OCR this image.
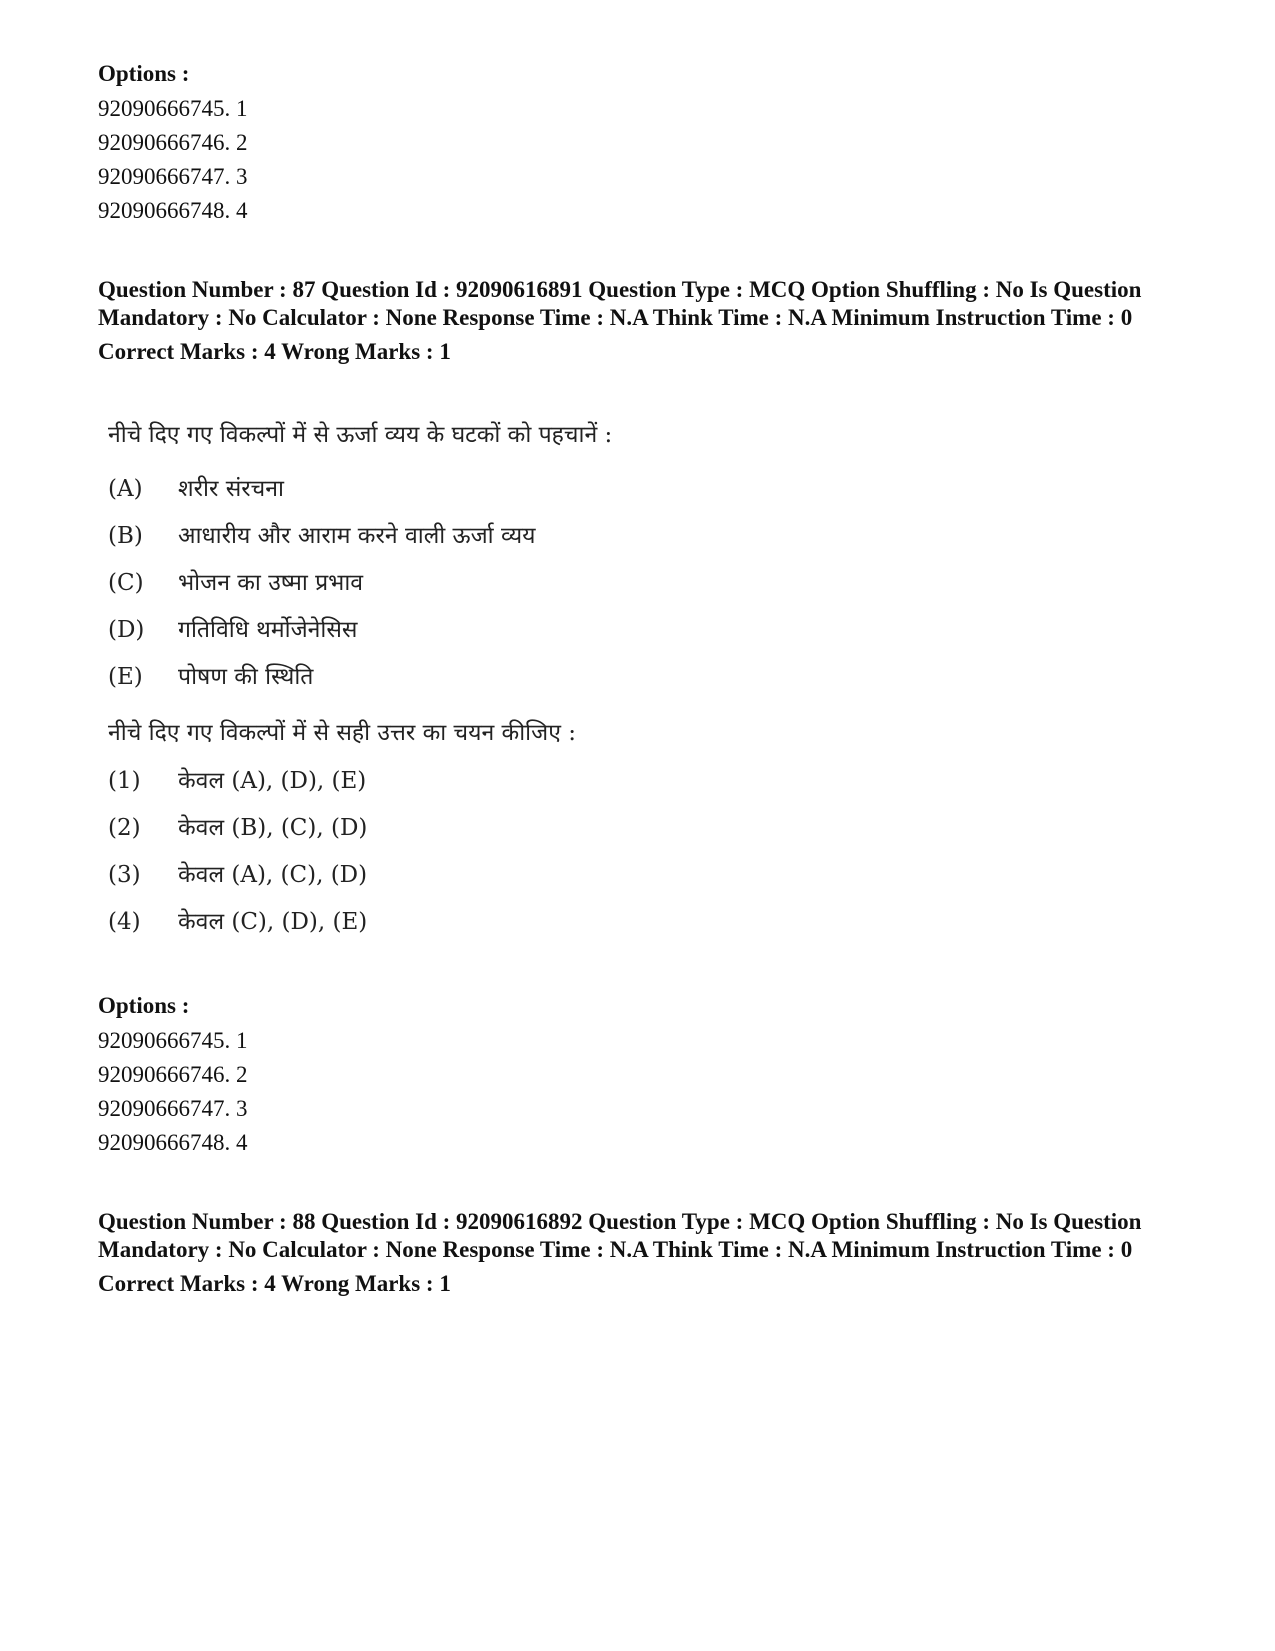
Options :
92090666745. 1
92090666746. 2
92090666747. 3
92090666748. 4
Question Number : 87 Question Id : 92090616891 Question Type : MCQ Option Shuffling : No Is Question Mandatory : No Calculator : None Response Time : N.A Think Time : N.A Minimum Instruction Time : 0
Correct Marks : 4 Wrong Marks : 1
नीचे दिए गए विकल्पों में से ऊर्जा व्यय के घटकों को पहचानें :
(A)	शरीर संरचना
(B)	आधारीय और आराम करने वाली ऊर्जा व्यय
(C)	भोजन का उष्मा प्रभाव
(D)	गतिविधि थर्मोजेनेसिस
(E)	पोषण की स्थिति
नीचे दिए गए विकल्पों में से सही उत्तर का चयन कीजिए :
(1)	केवल (A), (D), (E)
(2)	केवल (B), (C), (D)
(3)	केवल (A), (C), (D)
(4)	केवल (C), (D), (E)
Options :
92090666745. 1
92090666746. 2
92090666747. 3
92090666748. 4
Question Number : 88 Question Id : 92090616892 Question Type : MCQ Option Shuffling : No Is Question Mandatory : No Calculator : None Response Time : N.A Think Time : N.A Minimum Instruction Time : 0
Correct Marks : 4 Wrong Marks : 1
